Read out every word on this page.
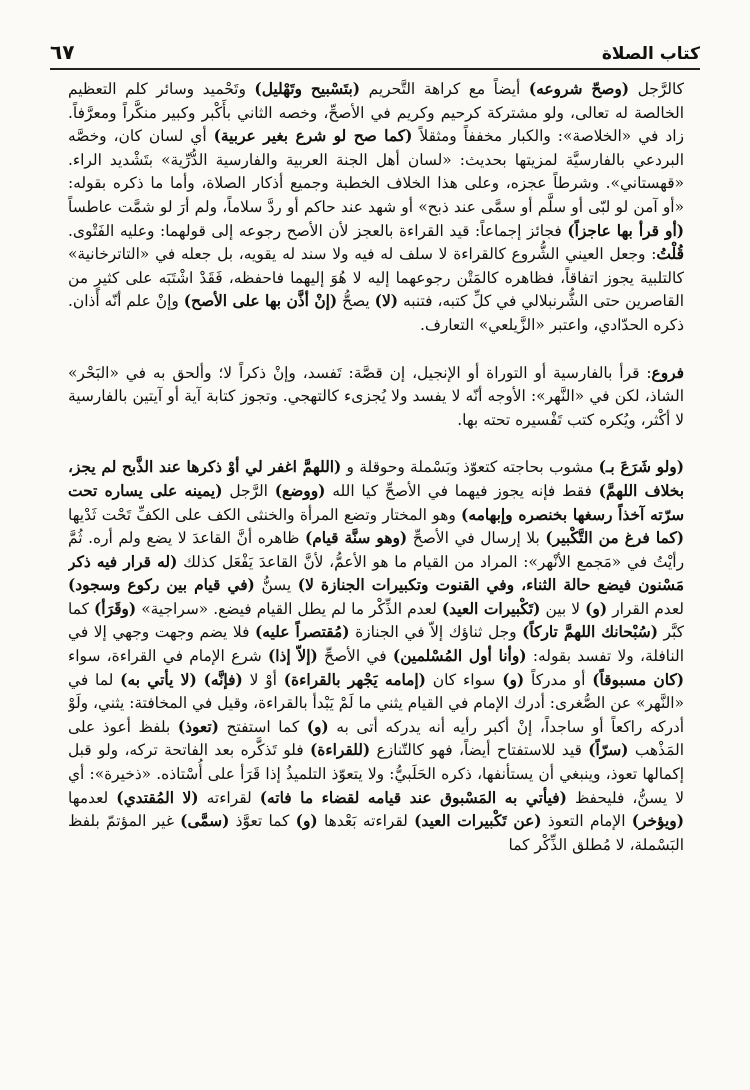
كتاب الصلاة
٦٧

كالرَّجل (وصحّ شروعه) أيضاً مع كراهة التَّحريم (بتَسْبيح وتَهْليل) وتَحْميد وسائر كلم التعظيم الخالصة له تعالى، ولو مشتركة كرحيم وكريم في الأصحِّ، وخصه الثاني بأَكْبر وكبير منكَّراً ومعرَّفاً. زاد في «الخلاصة»: والكبار مخففاً ومثقلاً (كما صح لو شرع بغير عربية) أي لسان كان، وخصَّه البردعي بالفارسيَّة لمزيتها بحديث: «لسان أهل الجنة العربية والفارسية الدُّرِّية» بتَشْديد الراء. «قهستاني». وشرطاً عجزه، وعلى هذا الخلاف الخطبة وجميع أذكار الصلاة، وأما ما ذكره بقوله: «أو آمن لو لبّى أو سلَّم أو سمَّى عند ذبح» أو شهد عند حاكم أو ردَّ سلاماً، ولم أرَ لو شمَّت عاطساً (أو قرأ بها عاجزاً) فجائز إجماعاً: قيد القراءة بالعجز لأن الأصح رجوعه إلى قولهما: وعليه الفَتْوى. قُلْتُ: وجعل العيني الشُّروع كالقراءة لا سلف له فيه ولا سند له يقويه، بل جعله في «التاترخانية» كالتلبية يجوز اتفاقاً، فظاهره كالمَتْن رجوعهما إليه لا هُوَ إليهما فاحفظه، فَقَدْ اشْتَبَه على كثيرٍ من القاصرين حتى الشُّرنبلالي في كلِّ كتبه، فتنبه (لا) يصحُّ (إنْ أذَّن بها على الأصح) وإنْ علم أنّه أذان. ذكره الحدّادي، واعتبر «الزَّيلعي» التعارف.

فروع: قرأ بالفارسية أو التوراة أو الإنجيل، إن قصَّة: تَفسد، وإنْ ذكراً لا؛ وألحق به في «البَحْر» الشاذ، لكن في «النَّهر»: الأوجه أنّه لا يفسد ولا يُجزىء كالتهجي. وتجوز كتابة آية أو آيتين بالفارسية لا أكْثر، ويُكره كتب تَفْسيره تحته بها.

(ولو شَرَعَ بـ) مشوب بحاجته كتعوّذ وبَسْملة وحوقلة و (اللهمَّ اغفر لي أوْ ذكرها عند الذَّبح لم يجز، بخلاف اللهمَّ) فقط فإنه يجوز فيهما في الأصحِّ كيا الله (ووضع) الرَّجل (يمينه على يساره تحت سرّته آخذاً رسغها بخنصره وإبهامه) وهو المختار وتضع المرأة والخنثى الكف على الكفِّ تَحْت ثَدْيها (كما فرغ من التَّكْبير) بلا إرسال في الأصحِّ (وهو سنَّة قيام) ظاهره أنَّ القاعدَ لا يضع ولم أره. ثُمَّ رأيْتُ في «مَجمع الأنْهر»: المراد من القيام ما هو الأعمُّ، لأنَّ القاعدَ يَفْعَل كذلك (له قرار فيه ذكر مَسْنون فيضع حالة الثناء، وفي القنوت وتكبيرات الجنازة لا) يسنُّ (في قيام بين ركوع وسجود) لعدم القرار (و) لا بين (تَكْبيرات العيد) لعدم الذِّكْر ما لم يطل القيام فيضع. «سراجية» (وقَرَأ) كما كبَّر (سُبْحانك اللهمَّ تاركاً) وجل ثناؤك إلاّ في الجنازة (مُقتصراً عليه) فلا يضم وجهت وجهي إلا في النافلة، ولا تفسد بقوله: (وأنا أول المُسْلمين) في الأصحِّ (إلاّ إذا) شرع الإمام في القراءة، سواء (كان مسبوقاً) أو مدركاً (و) سواء كان (إمامه يَجْهر بالقراءة) أوْ لا (فإنَّه) (لا يأتي به) لما في «النَّهر» عن الصُّغرى: أدرك الإمام في القيام يثني ما لَمْ يَبْدأ بالقراءة، وقيل في المخافتة: يثني، ولَوْ أدركه راكعاً أو ساجداً، إنْ أكبر رأيه أنه يدركه أتى به (و) كما استفتح (تعوذ) بلفظ أعوذ على المَذْهب (سرّاً) قيد للاستفتاح أيضاً، فهو كالتّنازع (للقراءة) فلو تَذكَّره بعد الفاتحة تركه، ولو قبل إكمالها تعوذ، وينبغي أن يستأنفها، ذكره الحَلَبيُّ: ولا يتعوّذ التلميذُ إذا قَرَأ على أُسْتاذه. «ذخيرة»: أي لا يسنُّ، فليحفظ (فيأتي به المَسْبوق عند قيامه لقضاء ما فاته) لقراءته (لا المُقتدي) لعدمها (ويؤخر) الإمام التعوذ (عن تَكْبيرات العيد) لقراءته بَعْدها (و) كما تعوَّذ (سمَّى) غير المؤتمّ بلفظ البَسْملة، لا مُطلق الذِّكْر كما
